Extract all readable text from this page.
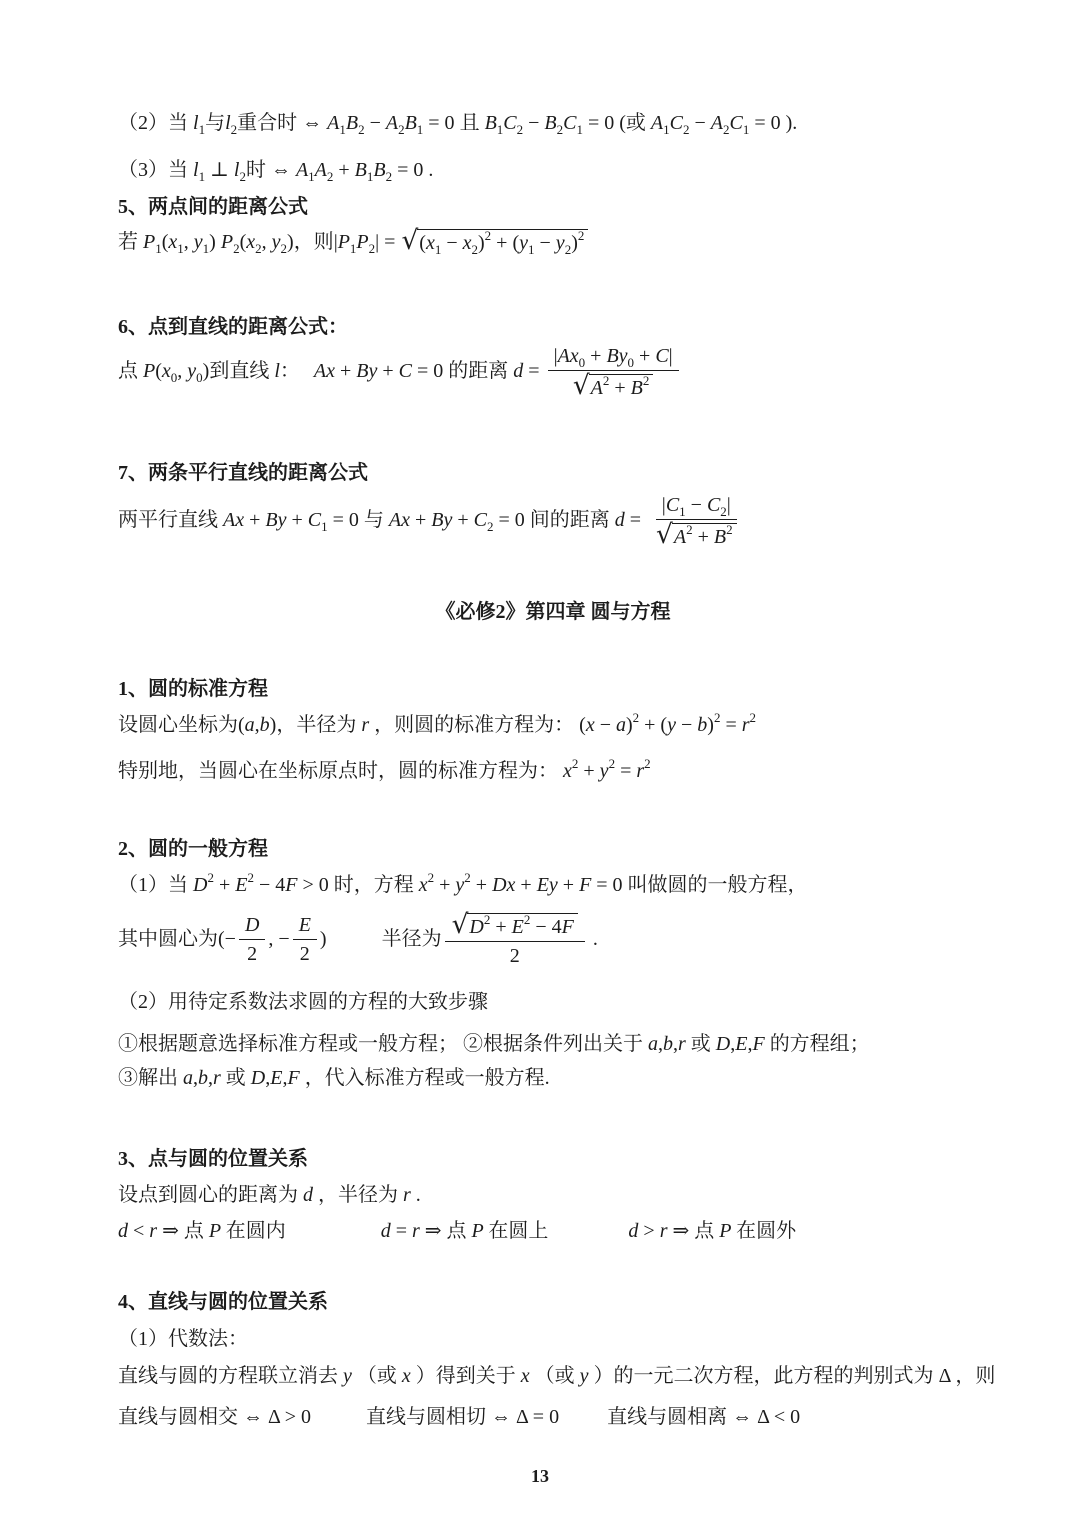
（2）当 $l_1$与$l_2$重合时 ⇔ $A_1B_2 - A_2B_1 = 0$ 且 $B_1C_2 - B_2C_1 = 0$ (或 $A_1C_2 - A_2C_1 = 0$ ).
（3）当 $l_1$ ⊥ $l_2$时 ⇔ $A_1A_2 + B_1B_2 = 0$ .
5、两点间的距离公式
若 $P_1(x_1$, $y_1$) $P_2(x_2$, $y_2$)，则$|P_1P_2|$ = √ $(x_1 - x_2)^2 + (y_1 - y_2)^2$
6、点到直线的距离公式：
点 $P(x_0$, $y_0$)到直线 l： Ax + By + C = 0 的距离 $d = \frac{|Ax_0 + By_0 + C|}{√ A^2 + B^2}$
7、两条平行直线的距离公式
两平行直线 $Ax + By + C_1 = 0$ 与 $Ax + By + C_2 = 0$ 间的距离 $d = \frac{|C_1 - C_2|}{√ A^2 + B^2}$
《必修2》第四章 圆与方程
1、圆的标准方程
设圆心坐标为(a,b)，半径为 r ，则圆的标准方程为： $(x - a)^2 + (y - b)^2 = r^2$
特别地，当圆心在坐标原点时，圆的标准方程为： $x^2 + y^2 = r^2$
2、圆的一般方程
（1）当 $D^2 + E^2 - 4F > 0$ 时，方程 $x^2 + y^2 + Dx + Ey + F = 0$ 叫做圆的一般方程，
其中圆心为(− $\frac{D}{2}$ , − $\frac{E}{2}$ )	半径为 $\frac{√ D^2 + E^2 - 4F}{2}$ .
（2）用待定系数法求圆的方程的大致步骤
①根据题意选择标准方程或一般方程； ②根据条件列出关于 a,b,r 或 D,E,F 的方程组；
③解出 a,b,r 或 D,E,F ，代入标准方程或一般方程.
3、点与圆的位置关系
设点到圆心的距离为 d ，半径为 r .
d < r ⇒ 点 P 在圆内	d = r ⇒ 点 P 在圆上	d > r ⇒ 点 P 在圆外
4、直线与圆的位置关系
（1）代数法：
直线与圆的方程联立消去 y （或 x ）得到关于 x （或 y ）的一元二次方程，此方程的判别式为 Δ ，则
直线与圆相交 ⇔ Δ > 0	直线与圆相切 ⇔ Δ = 0 直线与圆相离 ⇔ Δ < 0
13
